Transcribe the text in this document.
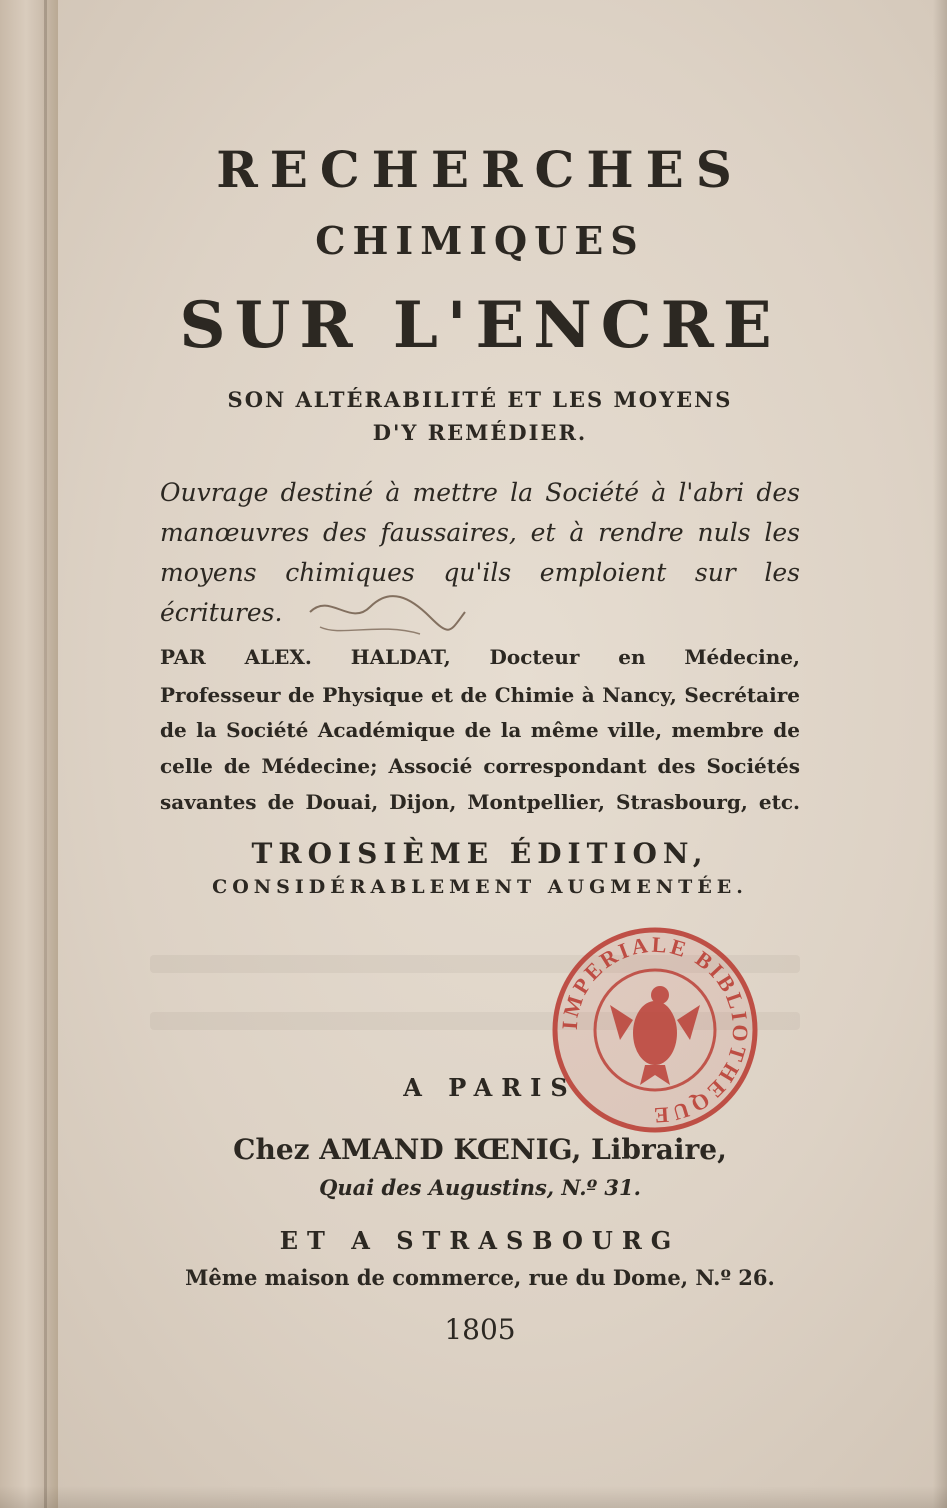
RECHERCHES
CHIMIQUES
SUR L'ENCRE
SON ALTÉRABILITÉ ET LES MOYENS
D'Y REMÉDIER.
Ouvrage destiné à mettre la Société à l'abri des
manœuvres des faussaires, et à rendre nuls les
moyens chimiques qu'ils emploient sur les
écritures.
PAR ALEX. HALDAT, Docteur en Médecine,
Professeur de Physique et de Chimie à Nancy, Secrétaire
de la Société Académique de la même ville, membre de
celle de Médecine; Associé correspondant des Sociétés
savantes de Douai, Dijon, Montpellier, Strasbourg, etc.
TROISIÈME ÉDITION,
CONSIDÉRABLEMENT AUGMENTÉE.
IMPERIALE BIBLIOTHEQUE
A PARIS
Chez AMAND KŒNIG, Libraire,
Quai des Augustins, N.º 31.
ET A STRASBOURG
Même maison de commerce, rue du Dome, N.º 26.
1805
